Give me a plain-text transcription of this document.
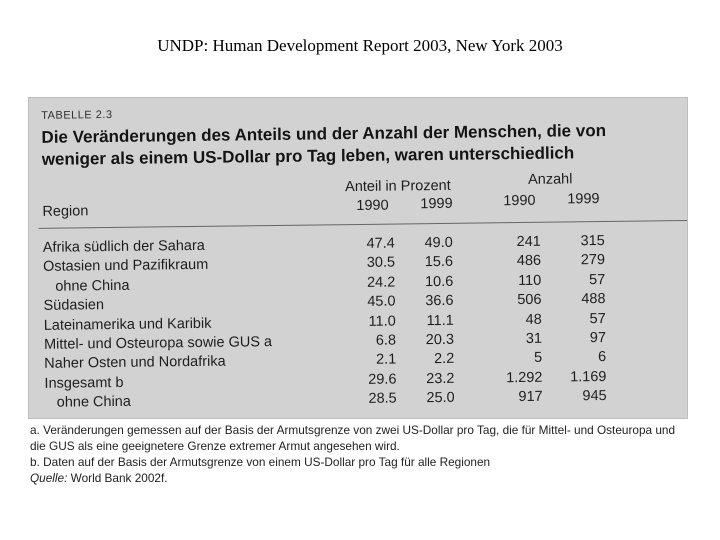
UNDP: Human Development Report 2003, New York 2003
TABELLE 2.3
Die Veränderungen des Anteils und der Anzahl der Menschen, die von
weniger als einem US-Dollar pro Tag leben, waren unterschiedlich
Anteil in Prozent	Anzahl
Region	1990 1999	1990 1999
Afrika südlich der Sahara	47.4	49.0	241	315
Ostasien und Pazifikraum	30.5	15.6	486	279
ohne China	24.2	10.6	110	57
Südasien	45.0	36.6	506	488
Lateinamerika und Karibik	11.0	11.1	48	57
Mittel- und Osteuropa sowie GUS a	6.8	20.3	31	97
Naher Osten und Nordafrika	2.1	2.2	5	6
Insgesamt b	29.6	23.2	1.292	1.169
ohne China	28.5	25.0	917	945
a. Veränderungen gemessen auf der Basis der Armutsgrenze von zwei US-Dollar pro Tag, die für Mittel- und Osteuropa und
die GUS als eine geeignetere Grenze extremer Armut angesehen wird.
b. Daten auf der Basis der Armutsgrenze von einem US-Dollar pro Tag für alle Regionen
Quelle: World Bank 2002f.
